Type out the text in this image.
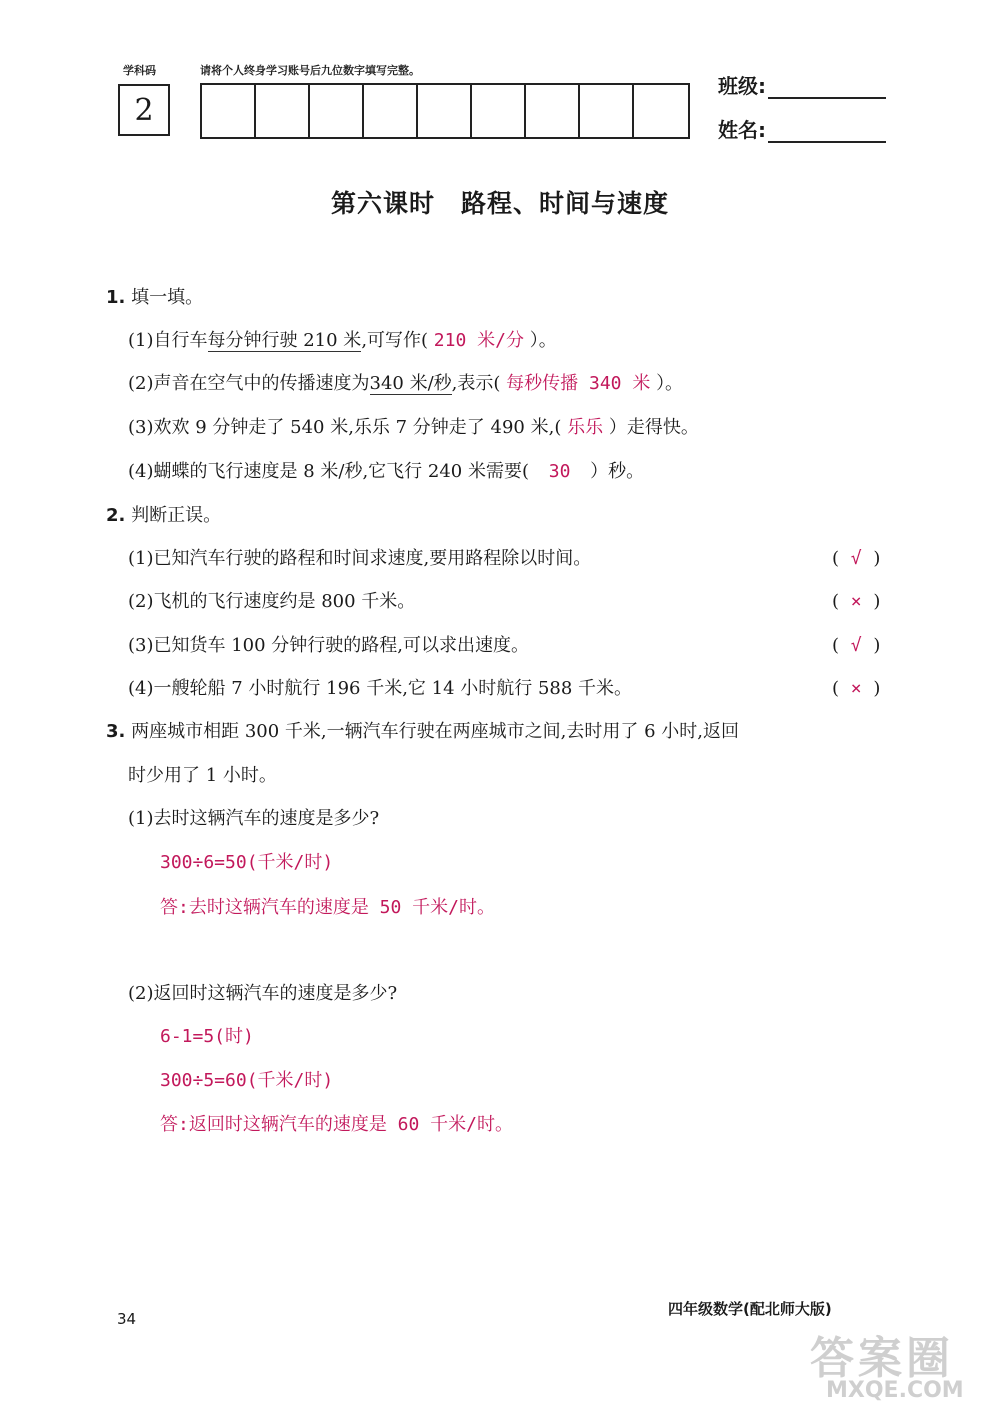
学科码	请将个人终身学习账号后九位数字填写完整。
2
班级:
姓名:
第六课时　路程、时间与速度
1. 填一填。
(1)自行车每分钟行驶 210 米,可写作( 210 米/分 ）。
(2)声音在空气中的传播速度为340 米/秒,表示( 每秒传播 340 米 ）。
(3)欢欢 9 分钟走了 540 米,乐乐 7 分钟走了 490 米,( 乐乐 ）走得快。
(4)蝴蝶的飞行速度是 8 米/秒,它飞行 240 米需要( 30 ）秒。
2. 判断正误。
(1)已知汽车行驶的路程和时间求速度,要用路程除以时间。	( √ )
(2)飞机的飞行速度约是 800 千米。	( × )
(3)已知货车 100 分钟行驶的路程,可以求出速度。	( √ )
(4)一艘轮船 7 小时航行 196 千米,它 14 小时航行 588 千米。	( × )
3. 两座城市相距 300 千米,一辆汽车行驶在两座城市之间,去时用了 6 小时,返回
时少用了 1 小时。
(1)去时这辆汽车的速度是多少?
300÷6=50(千米/时)
答:去时这辆汽车的速度是 50 千米/时。
(2)返回时这辆汽车的速度是多少?
6-1=5(时)
300÷5=60(千米/时)
答:返回时这辆汽车的速度是 60 千米/时。
34
四年级数学(配北师大版)
答案圈
MXQE.COM
